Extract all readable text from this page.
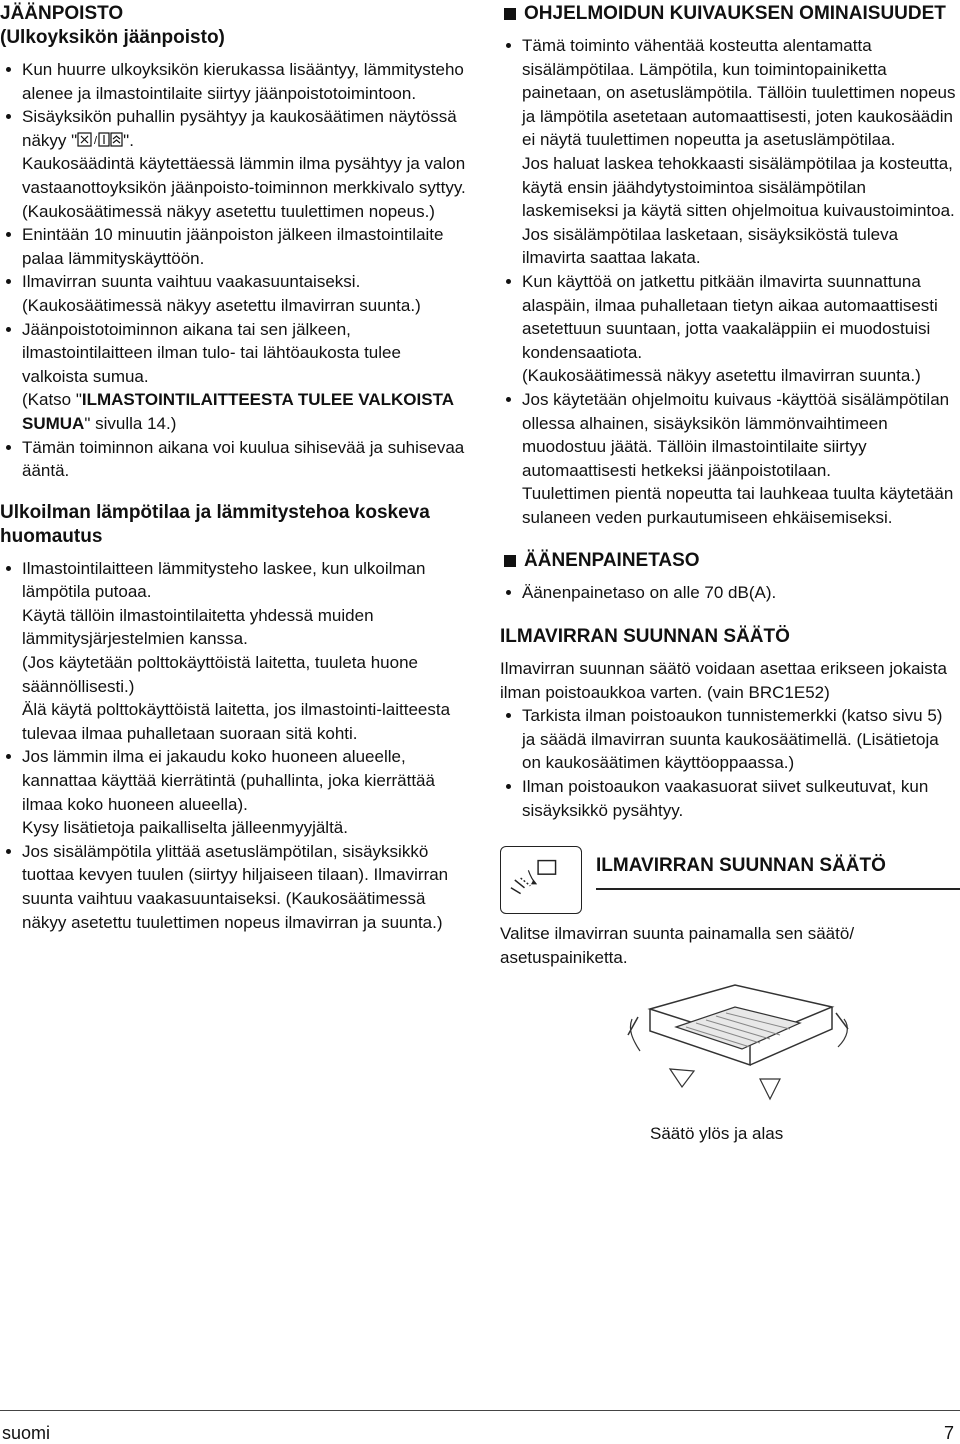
JÄÄNPOISTO
(Ulkoyksikön jäänpoisto)
Kun huurre ulkoyksikön kierukassa lisääntyy, lämmitysteho alenee ja ilmastointilaite siirtyy jäänpoistotoimintoon.
Sisäyksikön puhallin pysähtyy ja kaukosäätimen näytössä näkyy " / ".
Kaukosäädintä käytettäessä lämmin ilma pysähtyy ja valon vastaanottoyksikön jäänpoisto-toiminnon merkkivalo syttyy.
(Kaukosäätimessä näkyy asetettu tuulettimen nopeus.)
Enintään 10 minuutin jäänpoiston jälkeen ilmastointilaite palaa lämmityskäyttöön.
Ilmavirran suunta vaihtuu vaakasuuntaiseksi.
(Kaukosäätimessä näkyy asetettu ilmavirran suunta.)
Jäänpoistotoiminnon aikana tai sen jälkeen, ilmastointilaitteen ilman tulo- tai lähtöaukosta tulee valkoista sumua.
(Katso "ILMASTOINTILAITTEESTA TULEE VALKOISTA SUMUA" sivulla 14.)
Tämän toiminnon aikana voi kuulua sihisevää ja suhisevaa ääntä.
Ulkoilman lämpötilaa ja lämmitystehoa koskeva huomautus
Ilmastointilaitteen lämmitysteho laskee, kun ulkoilman lämpötila putoaa.
Käytä tällöin ilmastointilaitetta yhdessä muiden lämmitysjärjestelmien kanssa.
(Jos käytetään polttokäyttöistä laitetta, tuuleta huone säännöllisesti.)
Älä käytä polttokäyttöistä laitetta, jos ilmastointi-laitteesta tulevaa ilmaa puhalletaan suoraan sitä kohti.
Jos lämmin ilma ei jakaudu koko huoneen alueelle, kannattaa käyttää kierrätintä (puhallinta, joka kierrättää ilmaa koko huoneen alueella).
Kysy lisätietoja paikalliselta jälleenmyyjältä.
Jos sisälämpötila ylittää asetuslämpötilan, sisäyksikkö tuottaa kevyen tuulen (siirtyy hiljaiseen tilaan). Ilmavirran suunta vaihtuu vaakasuuntaiseksi. (Kaukosäätimessä näkyy asetettu tuulettimen nopeus ilmavirran ja suunta.)
OHJELMOIDUN KUIVAUKSEN OMINAISUUDET
Tämä toiminto vähentää kosteutta alentamatta sisälämpötilaa. Lämpötila, kun toimintopainiketta painetaan, on asetuslämpötila. Tällöin tuulettimen nopeus ja lämpötila asetetaan automaattisesti, joten kaukosäädin ei näytä tuulettimen nopeutta ja asetuslämpötilaa.
Jos haluat laskea tehokkaasti sisälämpötilaa ja kosteutta, käytä ensin jäähdytystoimintoa sisälämpötilan laskemiseksi ja käytä sitten ohjelmoitua kuivaustoimintoa. Jos sisälämpötilaa lasketaan, sisäyksiköstä tuleva ilmavirta saattaa lakata.
Kun käyttöä on jatkettu pitkään ilmavirta suunnattuna alaspäin, ilmaa puhalletaan tietyn aikaa automaattisesti asetettuun suuntaan, jotta vaakaläppiin ei muodostuisi kondensaatiota.
(Kaukosäätimessä näkyy asetettu ilmavirran suunta.)
Jos käytetään ohjelmoitu kuivaus -käyttöä sisälämpötilan ollessa alhainen, sisäyksikön lämmönvaihtimeen muodostuu jäätä. Tällöin ilmastointilaite siirtyy automaattisesti hetkeksi jäänpoistotilaan.
Tuulettimen pientä nopeutta tai lauhkeaa tuulta käytetään sulaneen veden purkautumiseen ehkäisemiseksi.
ÄÄNENPAINETASO
Äänenpainetaso on alle 70 dB(A).
ILMAVIRRAN SUUNNAN SÄÄTÖ

Ilmavirran suunnan säätö voidaan asettaa erikseen jokaista ilman poistoaukkoa varten. (vain BRC1E52)

Tarkista ilman poistoaukon tunnistemerkki (katso sivu 5) ja säädä ilmavirran suunta kaukosäätimellä. (Lisätietoja on kaukosäätimen käyttöoppaassa.)
Ilman poistoaukon vaakasuorat siivet sulkeutuvat, kun sisäyksikkö pysähtyy.
ILMAVIRRAN SUUNNAN SÄÄTÖ

Valitse ilmavirran suunta painamalla sen säätö/ asetuspainiketta.

Säätö ylös ja alas

suomi	7
